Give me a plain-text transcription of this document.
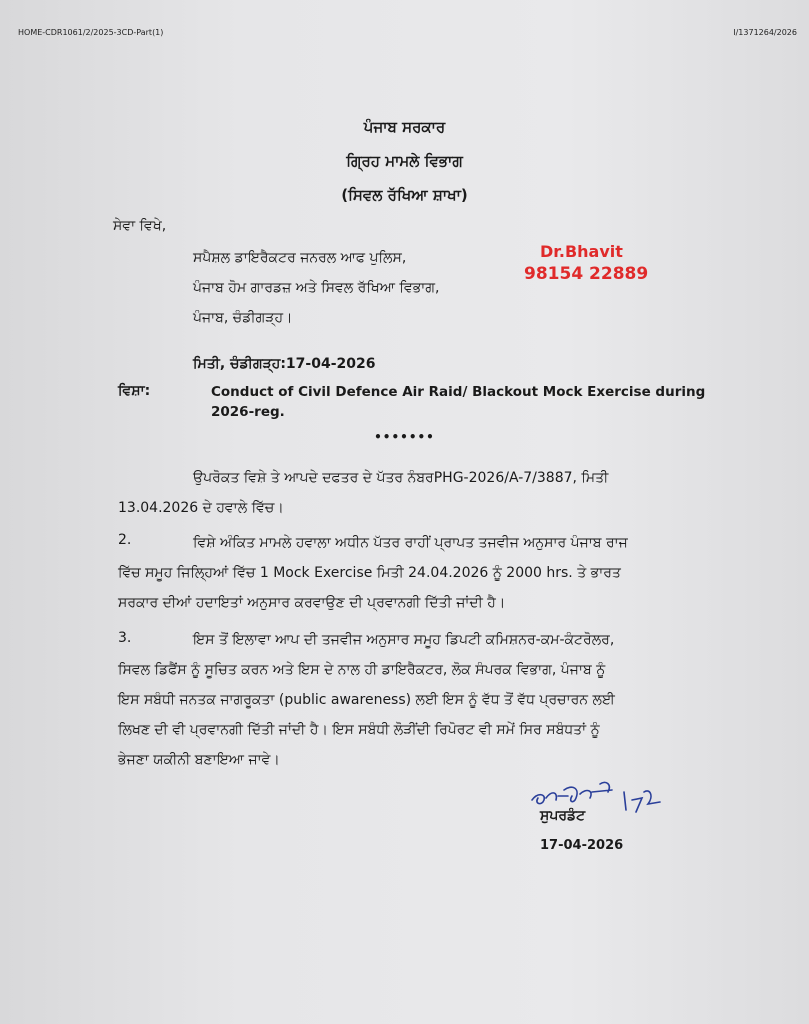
HOME-CDR1061/2/2025-3CD-Part(1)	I/1371264/2026
ਪੰਜਾਬ ਸਰਕਾਰ
ਗ੍ਰਿਹ ਮਾਮਲੇ ਵਿਭਾਗ
(ਸਿਵਲ ਰੱਖਿਆ ਸ਼ਾਖਾ)
ਸੇਵਾ ਵਿਖੇ,
ਸਪੈਸ਼ਲ ਡਾਇਰੈਕਟਰ ਜਨਰਲ ਆਫ ਪੁਲਿਸ,
ਪੰਜਾਬ ਹੋਮ ਗਾਰਡਜ਼ ਅਤੇ ਸਿਵਲ ਰੱਖਿਆ ਵਿਭਾਗ,
ਪੰਜਾਬ, ਚੰਡੀਗੜ੍ਹ।
Dr.Bhavit
98154 22889
ਮਿਤੀ, ਚੰਡੀਗੜ੍ਹ:17-04-2026
ਵਿਸ਼ਾ:	Conduct of Civil Defence Air Raid/ Blackout Mock Exercise during
2026-reg.
•••••••
ਉਪਰੋਕਤ ਵਿਸ਼ੇ ਤੇ ਆਪਦੇ ਦਫਤਰ ਦੇ ਪੱਤਰ ਨੰਬਰPHG-2026/A-7/3887, ਮਿਤੀ
13.04.2026 ਦੇ ਹਵਾਲੇ ਵਿੱਚ।
2.	ਵਿਸ਼ੇ ਅੰਕਿਤ ਮਾਮਲੇ ਹਵਾਲਾ ਅਧੀਨ ਪੱਤਰ ਰਾਹੀਂ ਪ੍ਰਾਪਤ ਤਜਵੀਜ ਅਨੁਸਾਰ ਪੰਜਾਬ ਰਾਜ
ਵਿੱਚ ਸਮੂਹ ਜਿਲ੍ਹਿਆਂ ਵਿੱਚ 1 Mock Exercise ਮਿਤੀ 24.04.2026 ਨੂੰ 2000 hrs. ਤੇ ਭਾਰਤ
ਸਰਕਾਰ ਦੀਆਂ ਹਦਾਇਤਾਂ ਅਨੁਸਾਰ ਕਰਵਾਉਣ ਦੀ ਪ੍ਰਵਾਨਗੀ ਦਿੱਤੀ ਜਾਂਦੀ ਹੈ।
3.	ਇਸ ਤੋਂ ਇਲਾਵਾ ਆਪ ਦੀ ਤਜਵੀਜ ਅਨੁਸਾਰ ਸਮੂਹ ਡਿਪਟੀ ਕਮਿਸ਼ਨਰ-ਕਮ-ਕੰਟਰੋਲਰ,
ਸਿਵਲ ਡਿਫੈਂਸ ਨੂੰ ਸੂਚਿਤ ਕਰਨ ਅਤੇ ਇਸ ਦੇ ਨਾਲ ਹੀ ਡਾਇਰੈਕਟਰ, ਲੋਕ ਸੰਪਰਕ ਵਿਭਾਗ, ਪੰਜਾਬ ਨੂੰ
ਇਸ ਸਬੰਧੀ ਜਨਤਕ ਜਾਗਰੂਕਤਾ (public awareness) ਲਈ ਇਸ ਨੂੰ ਵੱਧ ਤੋਂ ਵੱਧ ਪ੍ਰਚਾਰਨ ਲਈ
ਲਿਖਣ ਦੀ ਵੀ ਪ੍ਰਵਾਨਗੀ ਦਿੱਤੀ ਜਾਂਦੀ ਹੈ। ਇਸ ਸਬੰਧੀ ਲੋੜੀਂਦੀ ਰਿਪੋਰਟ ਵੀ ਸਮੇਂ ਸਿਰ ਸਬੰਧਤਾਂ ਨੂੰ
ਭੇਜਣਾ ਯਕੀਨੀ ਬਣਾਇਆ ਜਾਵੇ।
ਸੁਪਰਡੰਟ
17-04-2026
